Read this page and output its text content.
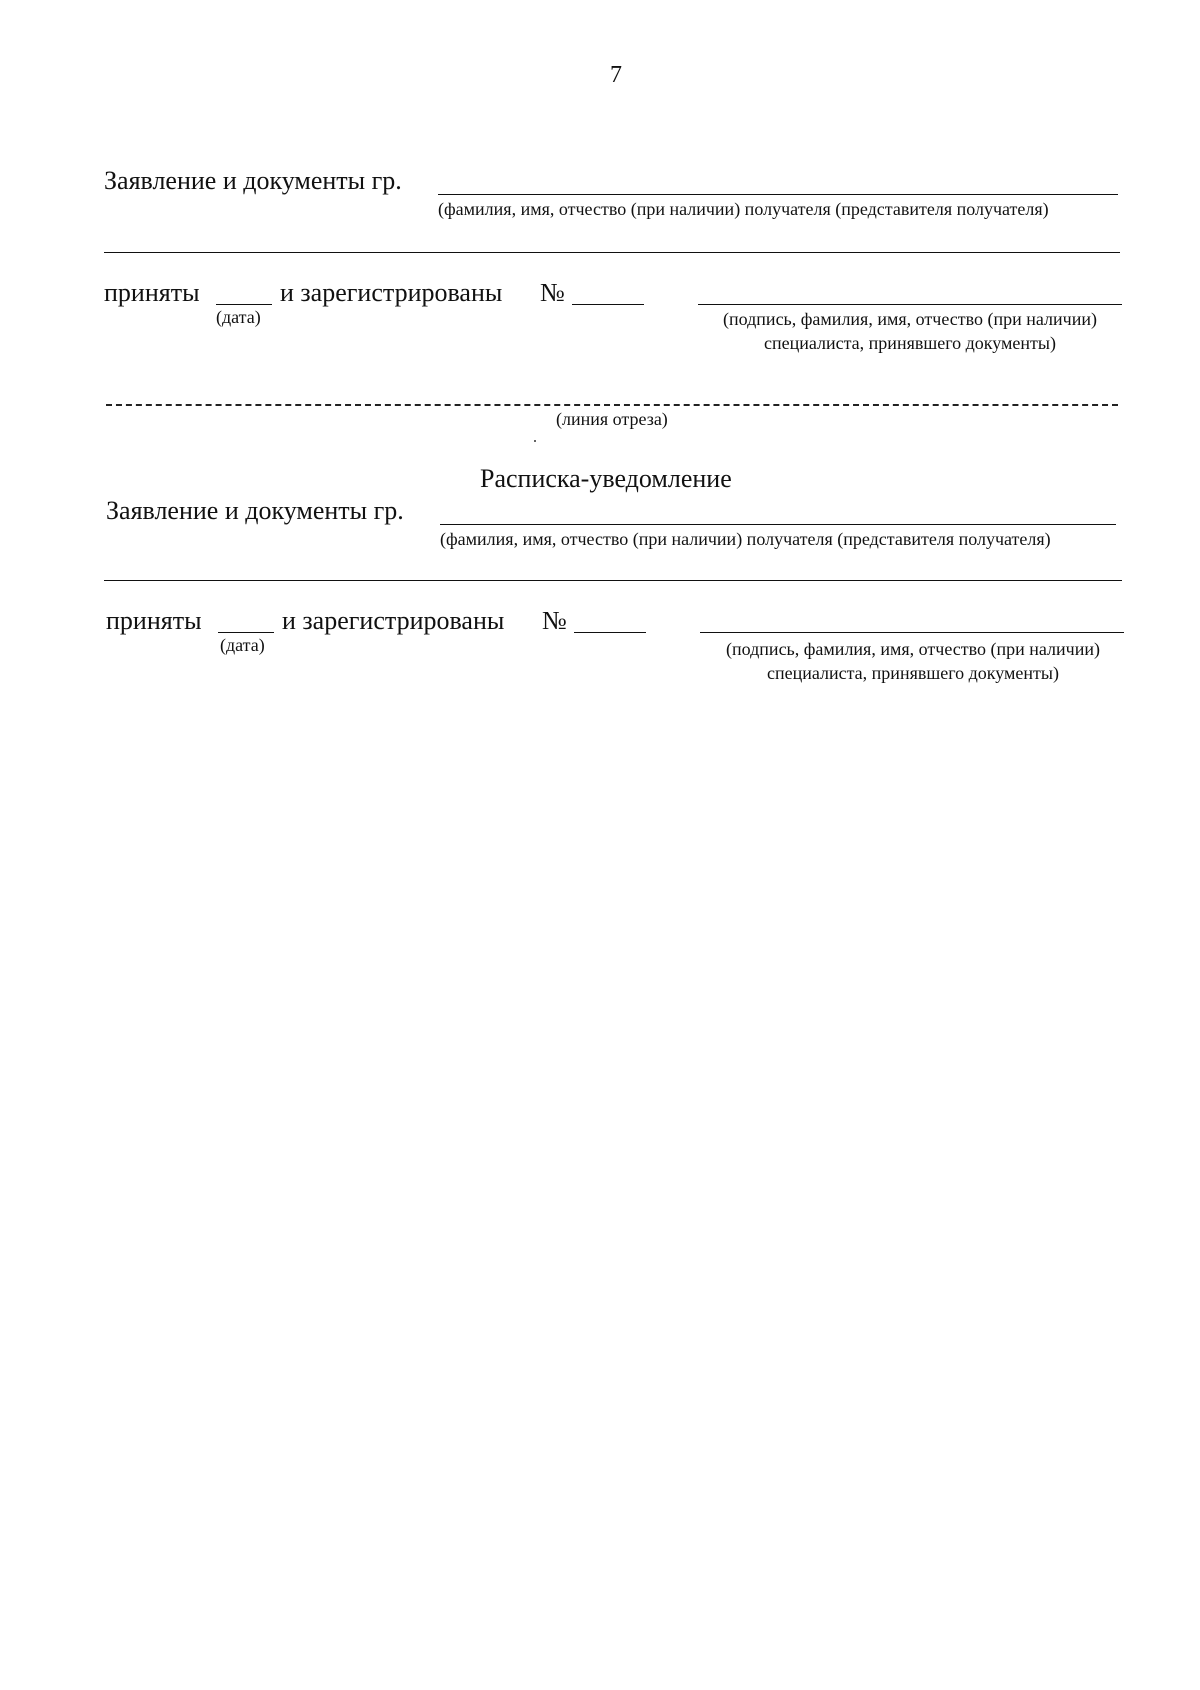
7
Заявление и документы гр.
(фамилия, имя, отчество (при наличии) получателя (представителя получателя)
приняты
(дата)
и зарегистрированы №
(подпись, фамилия, имя, отчество (при наличии)
специалиста, принявшего документы)
(линия отреза)
Расписка-уведомление
Заявление и документы гр.
(фамилия, имя, отчество (при наличии) получателя (представителя получателя)
приняты
(дата)
и зарегистрированы №
(подпись, фамилия, имя, отчество (при наличии)
специалиста, принявшего документы)
